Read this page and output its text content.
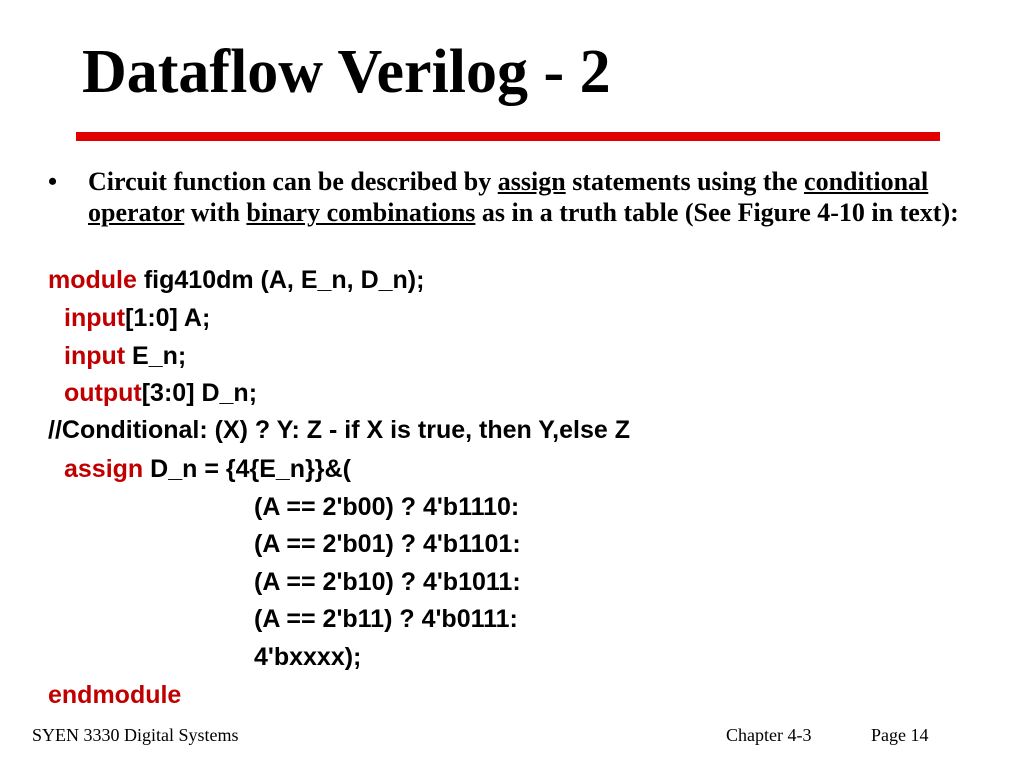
Dataflow Verilog - 2
• Circuit function can be described by assign statements using the conditional operator with binary combinations as in a truth table (See Figure 4-10 in text):
module fig410dm (A, E_n, D_n);
input[1:0] A;
input E_n;
output[3:0] D_n;
//Conditional: (X) ? Y: Z - if X is true, then Y,else Z
assign D_n = {4{E_n}}&(
(A == 2'b00) ? 4'b1110:
(A == 2'b01) ? 4'b1101:
(A == 2'b10) ? 4'b1011:
(A == 2'b11) ? 4'b0111:
4'bxxxx);
endmodule
SYEN 3330 Digital Systems	Chapter 4-3	Page 14
